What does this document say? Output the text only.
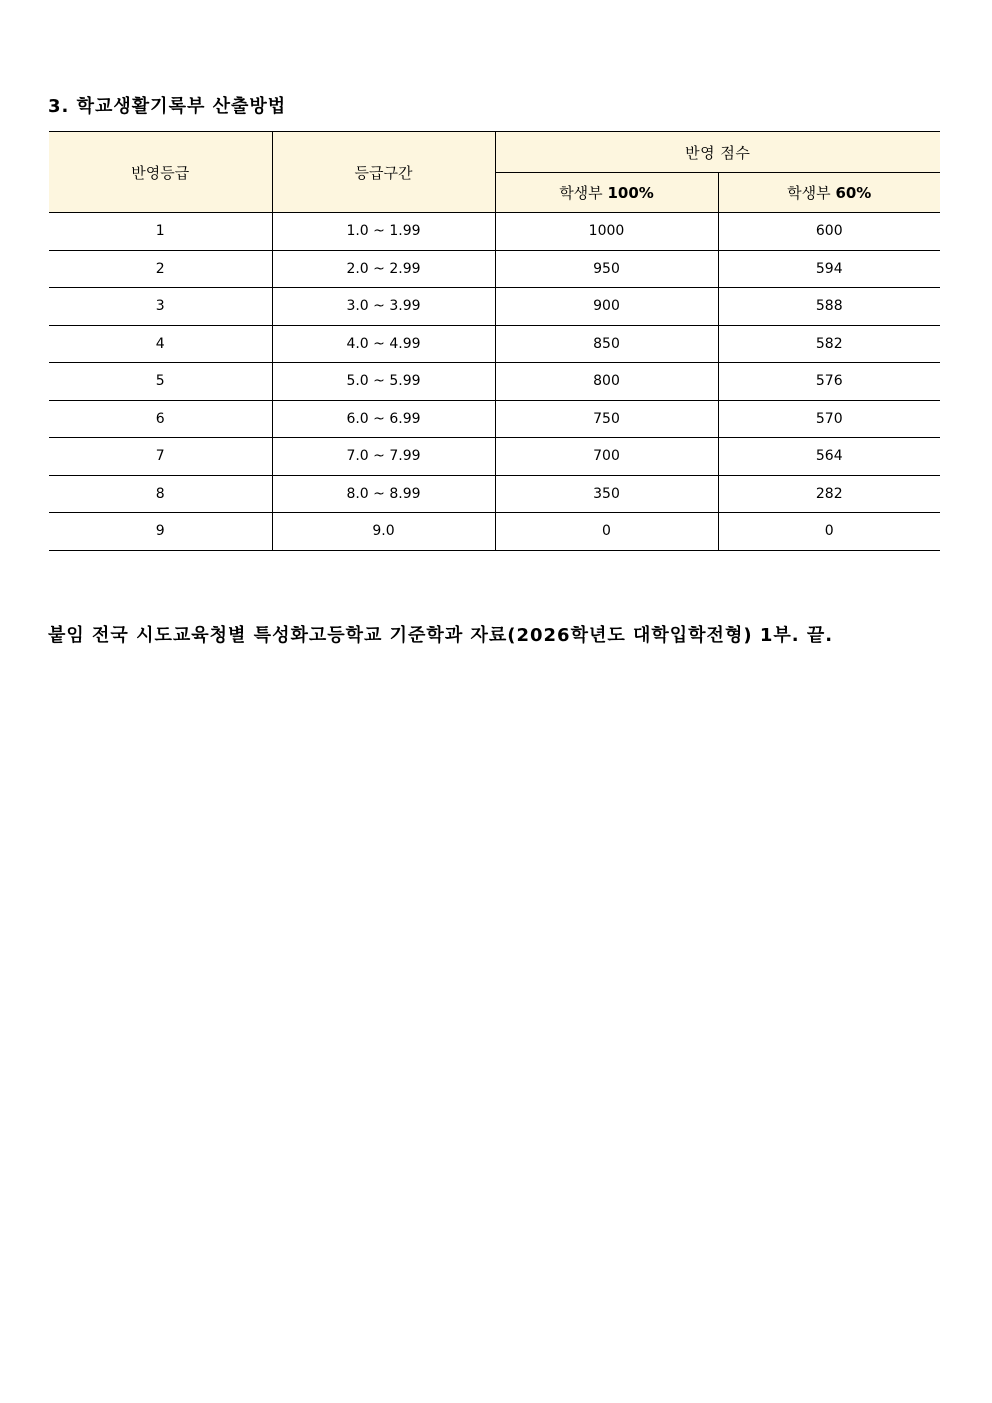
3. 학교생활기록부 산출방법
반영등급	등급구간	반영 점수	
		학생부 100%	학생부 60%
1	1.0 ~ 1.99	1000	600
2	2.0 ~ 2.99	950	594
3	3.0 ~ 3.99	900	588
4	4.0 ~ 4.99	850	582
5	5.0 ~ 5.99	800	576
6	6.0 ~ 6.99	750	570
7	7.0 ~ 7.99	700	564
8	8.0 ~ 8.99	350	282
9	9.0	0	0
붙임 전국 시도교육청별 특성화고등학교 기준학과 자료(2026학년도 대학입학전형) 1부. 끝.
